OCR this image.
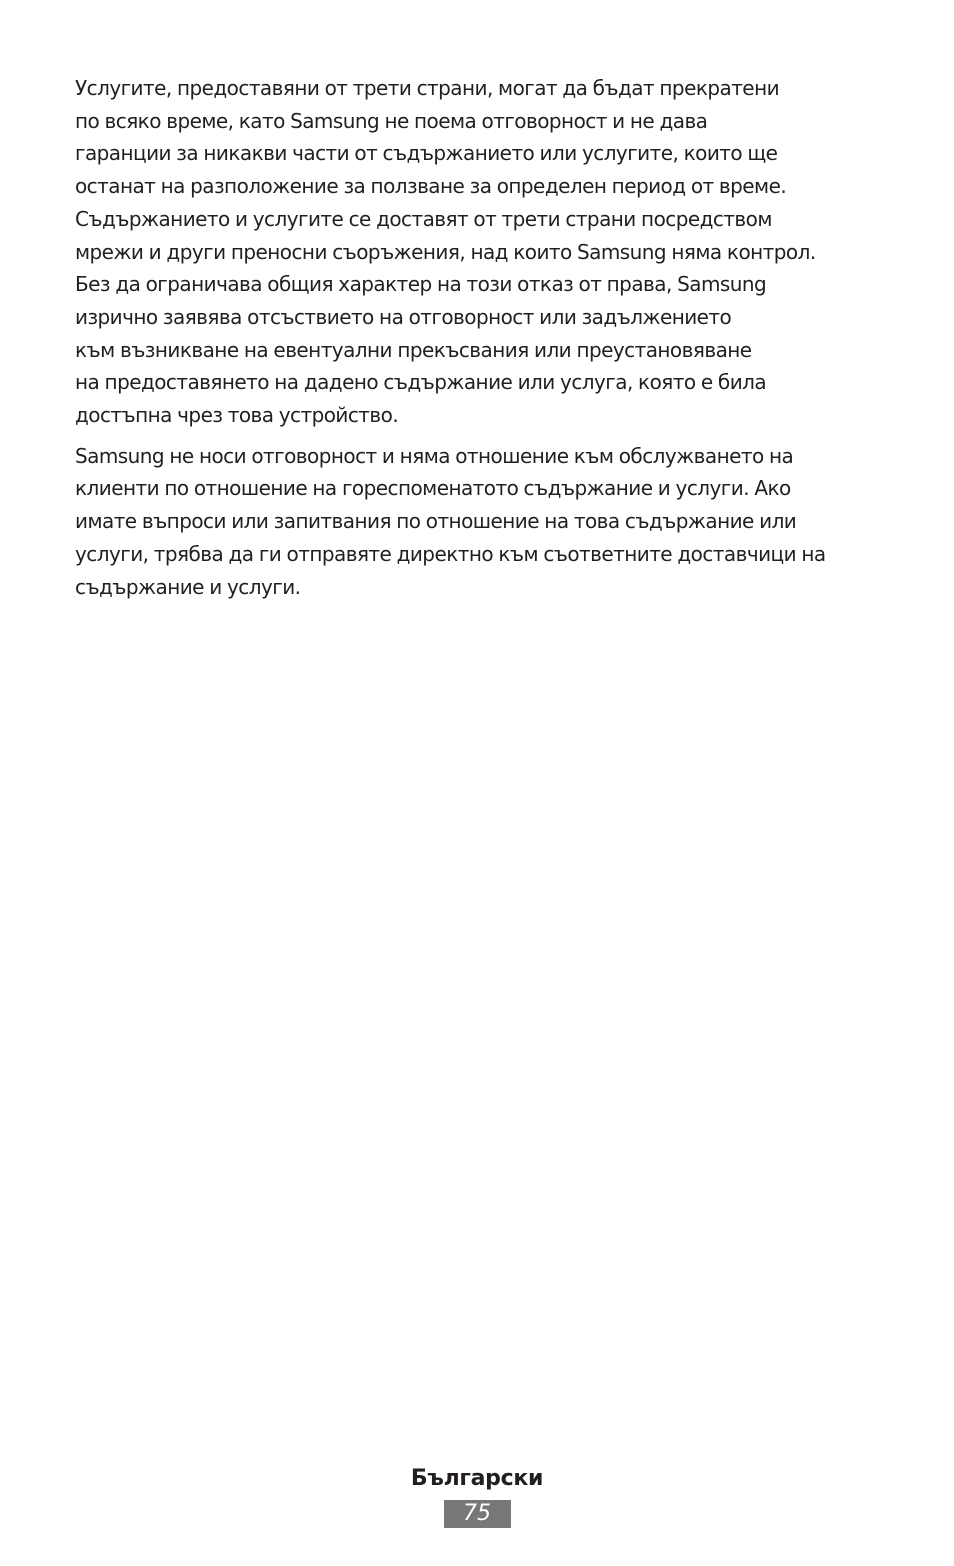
Услугите, предоставяни от трети страни, могат да бъдат прекратени
по всяко време, като Samsung не поема отговорност и не дава
гаранции за никакви части от съдържанието или услугите, които ще
останат на разположение за ползване за определен период от време.
Съдържанието и услугите се доставят от трети страни посредством
мрежи и други преносни съоръжения, над които Samsung няма контрол.
Без да ограничава общия характер на този отказ от права, Samsung
изрично заявява отсъствието на отговорност или задължението
към възникване на евентуални прекъсвания или преустановяване
на предоставянето на дадено съдържание или услуга, която е била
достъпна чрез това устройство.

Samsung не носи отговорност и няма отношение към обслужването на
клиенти по отношение на гореспоменатото съдържание и услуги. Ако
имате въпроси или запитвания по отношение на това съдържание или
услуги, трябва да ги отправяте директно към съответните доставчици на
съдържание и услуги.

Български
75
